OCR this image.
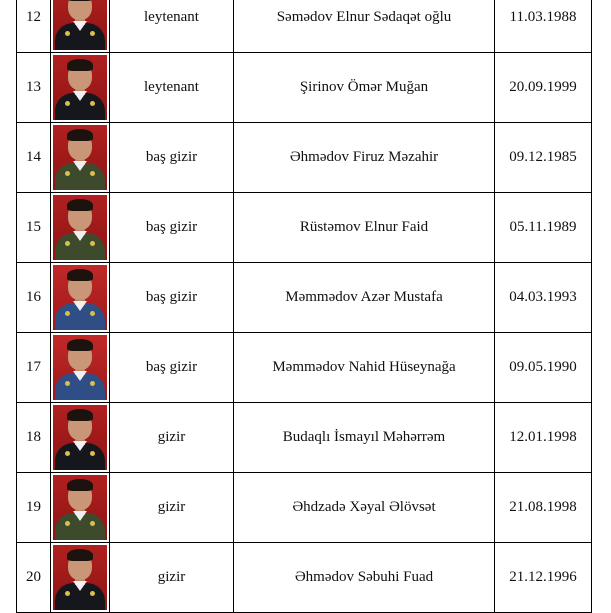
12		leytenant	Səmədov Elnur Sədaqət oğlu	11.03.1988
13		leytenant	Şirinov Ömər Muğan	20.09.1999
14		baş gizir	Əhmədov Firuz Məzahir	09.12.1985
15		baş gizir	Rüstəmov Elnur Faid	05.11.1989
16		baş gizir	Məmmədov Azər Mustafa	04.03.1993
17		baş gizir	Məmmədov Nahid Hüseynağa	09.05.1990
18		gizir	Budaqlı İsmayıl Məhərrəm	12.01.1998
19		gizir	Əhdzadə Xəyal Əlövsət	21.08.1998
20		gizir	Əhmədov Səbuhi Fuad	21.12.1996
